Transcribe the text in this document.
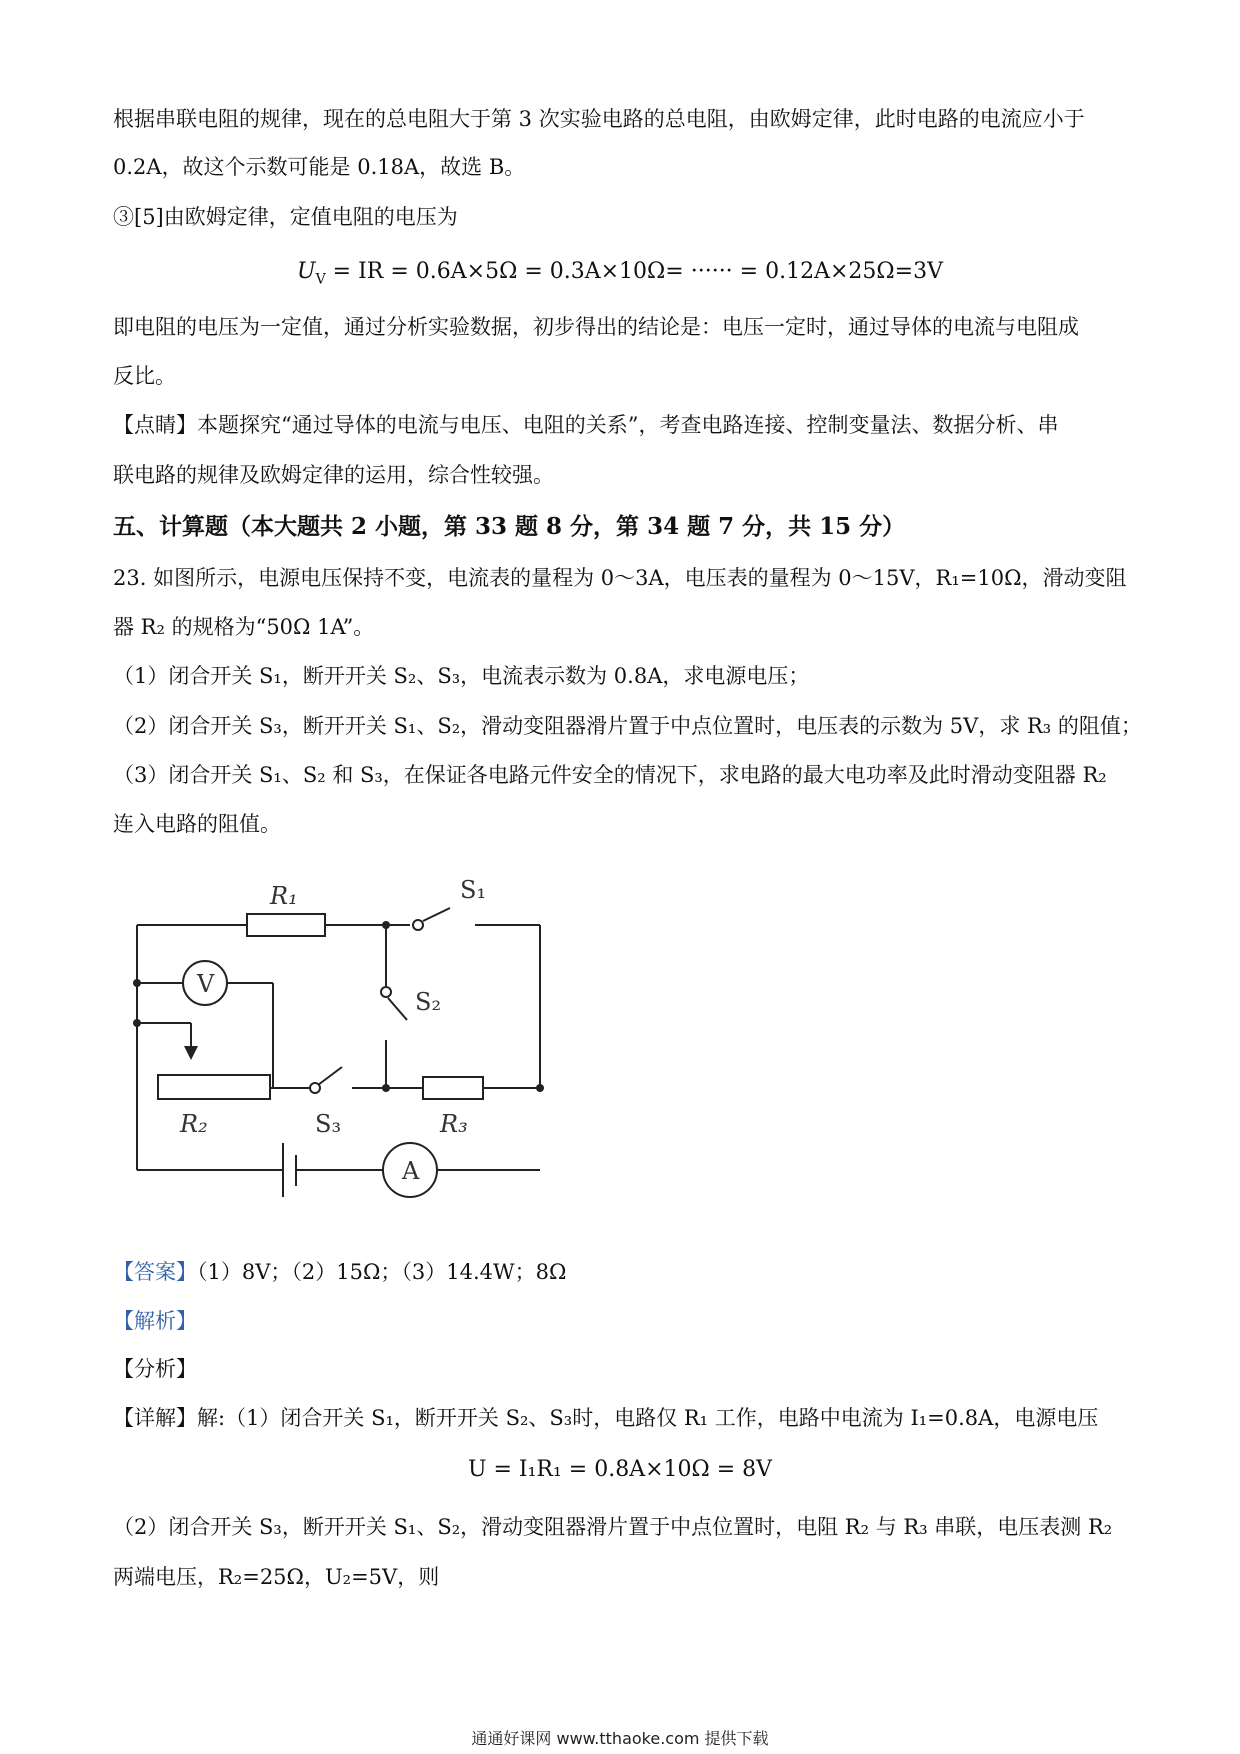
根据串联电阻的规律，现在的总电阻大于第 3 次实验电路的总电阻，由欧姆定律，此时电路的电流应小于
0.2A，故这个示数可能是 0.18A，故选 B。
③[5]由欧姆定律，定值电阻的电压为
$U_V$ = IR = 0.6A×5Ω = 0.3A×10Ω= ······ = 0.12A×25Ω=3V
即电阻的电压为一定值，通过分析实验数据，初步得出的结论是：电压一定时，通过导体的电流与电阻成
反比。
【点睛】本题探究“通过导体的电流与电压、电阻的关系”，考查电路连接、控制变量法、数据分析、串
联电路的规律及欧姆定律的运用，综合性较强。
五、计算题（本大题共 2 小题，第 33 题 8 分，第 34 题 7 分，共 15 分）
23. 如图所示，电源电压保持不变，电流表的量程为 0～3A，电压表的量程为 0～15V，R₁=10Ω，滑动变阻
器 R₂ 的规格为“50Ω 1A”。
（1）闭合开关 S₁，断开开关 S₂、S₃，电流表示数为 0.8A，求电源电压；
（2）闭合开关 S₃，断开开关 S₁、S₂，滑动变阻器滑片置于中点位置时，电压表的示数为 5V，求 R₃ 的阻值；
（3）闭合开关 S₁、S₂ 和 S₃，在保证各电路元件安全的情况下，求电路的最大电功率及此时滑动变阻器 R₂
连入电路的阻值。
R₁
R₂	R₃
S₁
S₂
S₃
V
A
【答案】（1）8V；（2）15Ω；（3）14.4W；8Ω
【解析】
【分析】
【详解】解:（1）闭合开关 S₁，断开开关 S₂、S₃时，电路仅 R₁ 工作，电路中电流为 I₁=0.8A，电源电压
U = I₁R₁ = 0.8A×10Ω = 8V
（2）闭合开关 S₃，断开开关 S₁、S₂，滑动变阻器滑片置于中点位置时，电阻 R₂ 与 R₃ 串联，电压表测 R₂
两端电压，R₂=25Ω，U₂=5V，则
通通好课网 www.tthaoke.com 提供下载
